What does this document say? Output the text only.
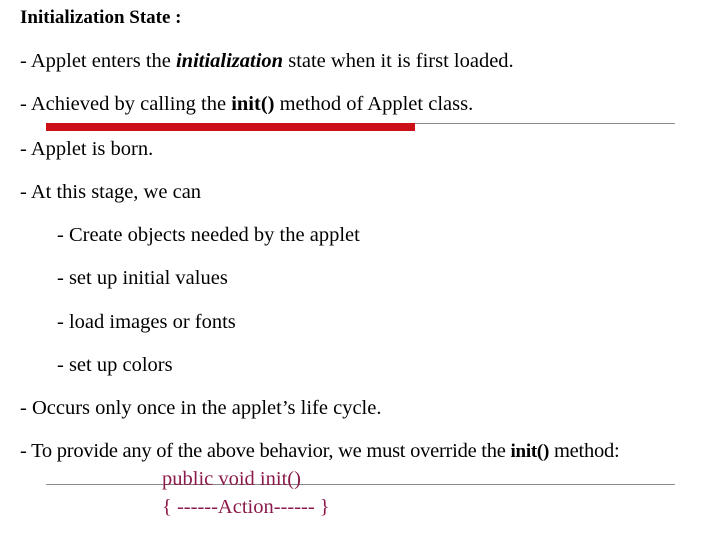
Initialization State :
- Applet enters the initialization state when it is first loaded.
- Achieved by calling the init() method of Applet class.
- Applet is born.
- At this stage, we can
- Create objects needed by the applet
- set up initial values
- load images or fonts
- set up colors
- Occurs only once in the applet’s life cycle.
- To provide any of the above behavior, we must override the init() method:
public void init()
{ ------Action------ }
